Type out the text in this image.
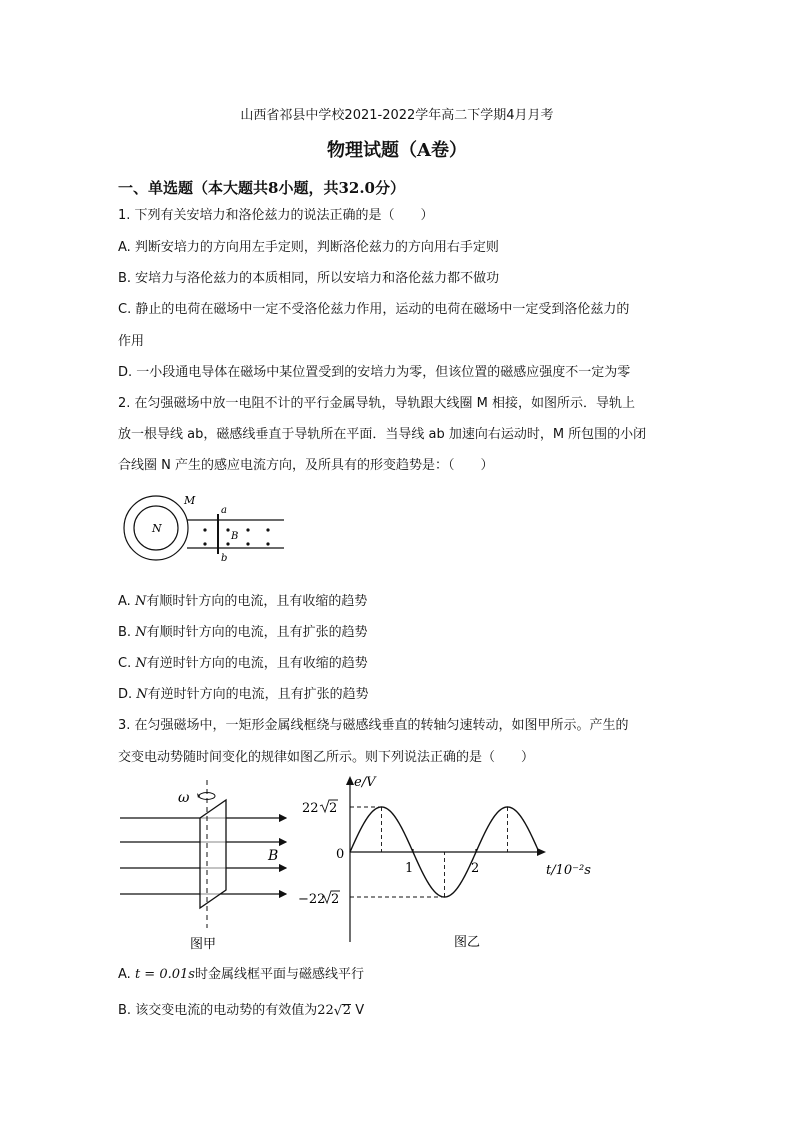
山西省祁县中学校2021-2022学年高二下学期4月月考
物理试题（A卷）
一、单选题（本大题共8小题，共32.0分）
1. 下列有关安培力和洛伦兹力的说法正确的是（　　）
A. 判断安培力的方向用左手定则，判断洛伦兹力的方向用右手定则
B. 安培力与洛伦兹力的本质相同，所以安培力和洛伦兹力都不做功
C. 静止的电荷在磁场中一定不受洛伦兹力作用，运动的电荷在磁场中一定受到洛伦兹力的
作用
D. 一小段通电导体在磁场中某位置受到的安培力为零，但该位置的磁感应强度不一定为零
2. 在匀强磁场中放一电阻不计的平行金属导轨，导轨跟大线圈 M 相接，如图所示．导轨上
放一根导线 ab，磁感线垂直于导轨所在平面．当导线 ab 加速向右运动时，M 所包围的小闭
合线圈 N 产生的感应电流方向，及所具有的形变趋势是：（　　）
M
N
a
b
B
A. N有顺时针方向的电流，且有收缩的趋势
B. N有顺时针方向的电流，且有扩张的趋势
C. N有逆时针方向的电流，且有收缩的趋势
D. N有逆时针方向的电流，且有扩张的趋势
3. 在匀强磁场中，一矩形金属线框绕与磁感线垂直的转轴匀速转动，如图甲所示。产生的
交变电动势随时间变化的规律如图乙所示。则下列说法正确的是（　　）
ω
B
图甲
e/V
t/10⁻²s
0
1	2
22 2
−22 2
图乙
A. t = 0.01s时金属线框平面与磁感线平行
B. 该交变电流的电动势的有效值为22 √ 2 V
